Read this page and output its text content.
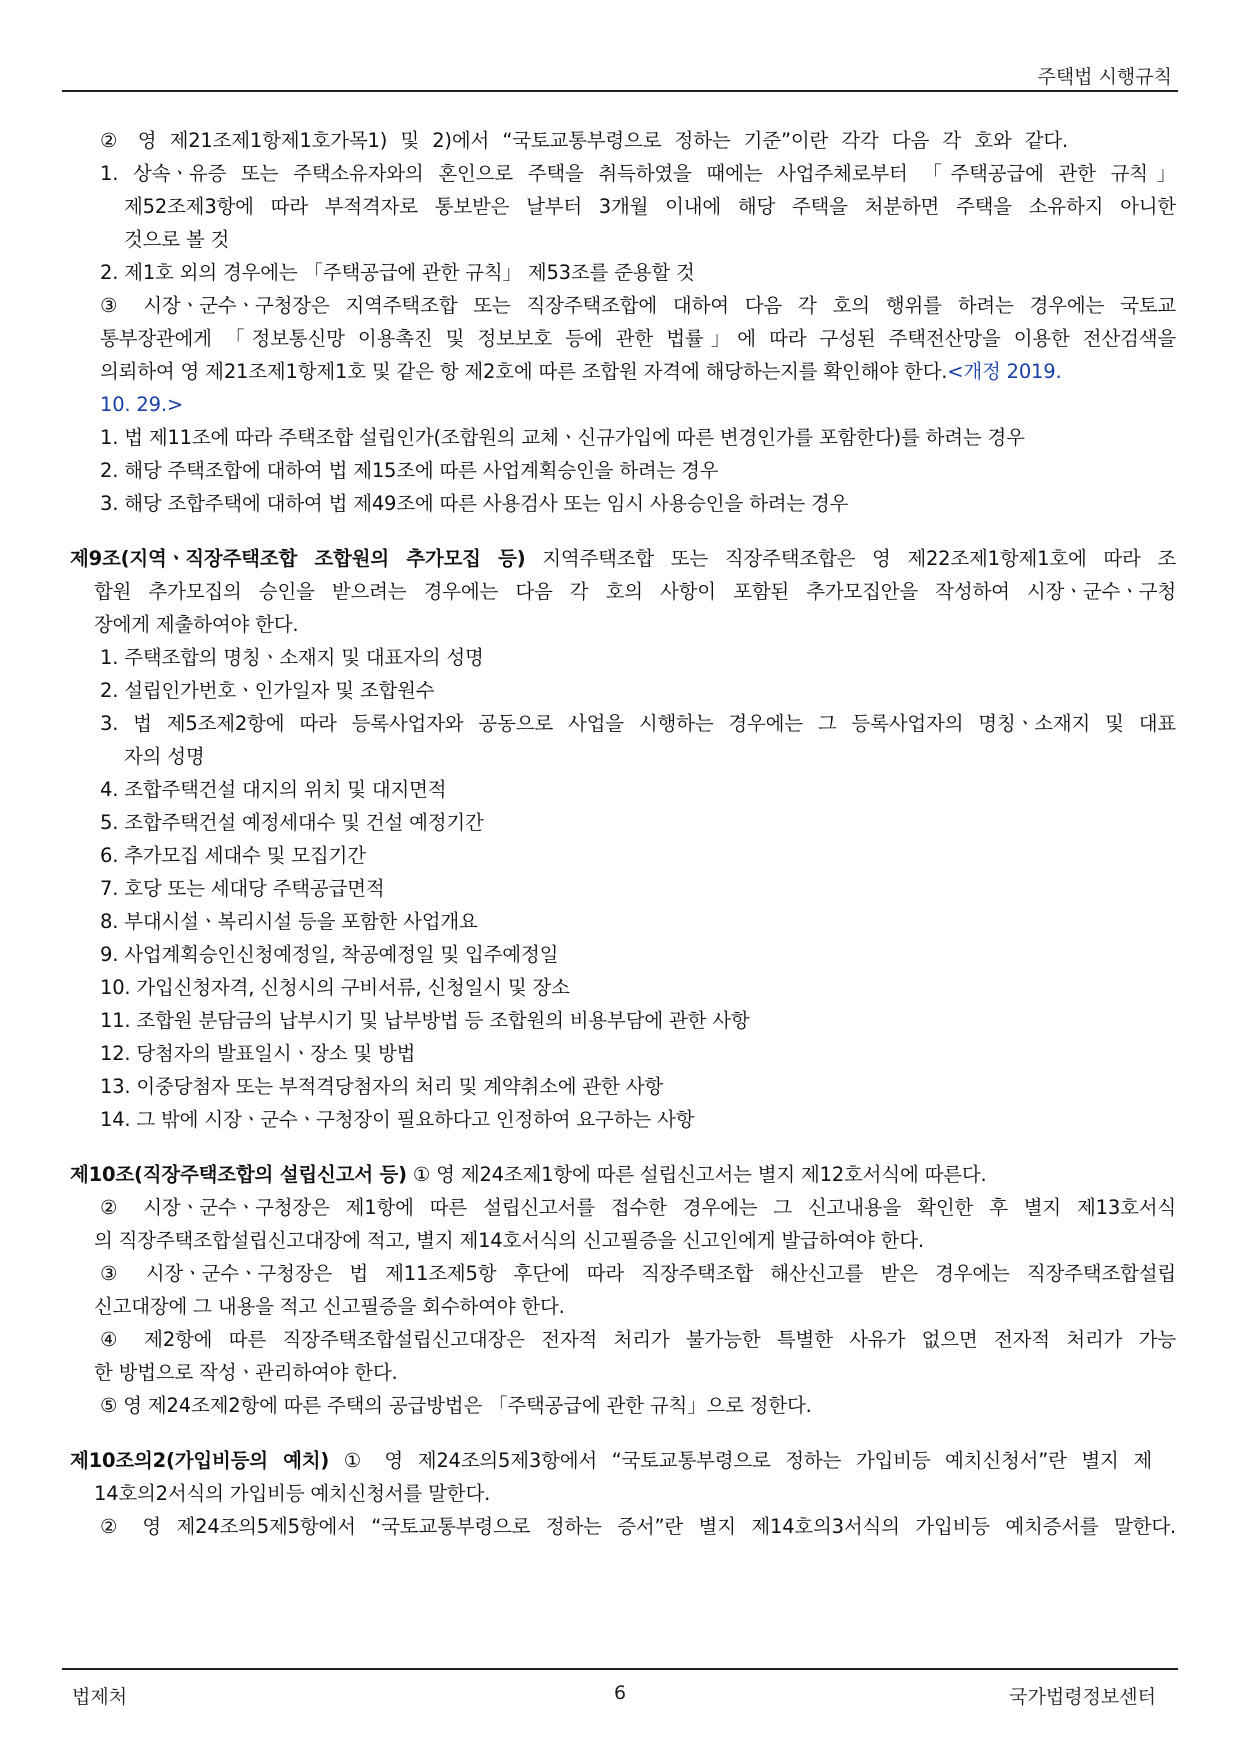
주택법 시행규칙
② 영 제21조제1항제1호가목1) 및 2)에서 “국토교통부령으로 정하는 기준”이란 각각 다음 각 호와 같다.
1. 상속ㆍ유증 또는 주택소유자와의 혼인으로 주택을 취득하였을 때에는 사업주체로부터 「주택공급에 관한 규칙」
제52조제3항에 따라 부적격자로 통보받은 날부터 3개월 이내에 해당 주택을 처분하면 주택을 소유하지 아니한
것으로 볼 것
2. 제1호 외의 경우에는 「주택공급에 관한 규칙」 제53조를 준용할 것
③ 시장ㆍ군수ㆍ구청장은 지역주택조합 또는 직장주택조합에 대하여 다음 각 호의 행위를 하려는 경우에는 국토교
통부장관에게 「정보통신망 이용촉진 및 정보보호 등에 관한 법률」에 따라 구성된 주택전산망을 이용한 전산검색을
의뢰하여 영 제21조제1항제1호 및 같은 항 제2호에 따른 조합원 자격에 해당하는지를 확인해야 한다.<개정 2019.
10. 29.>
1. 법 제11조에 따라 주택조합 설립인가(조합원의 교체ㆍ신규가입에 따른 변경인가를 포함한다)를 하려는 경우
2. 해당 주택조합에 대하여 법 제15조에 따른 사업계획승인을 하려는 경우
3. 해당 조합주택에 대하여 법 제49조에 따른 사용검사 또는 임시 사용승인을 하려는 경우
제9조(지역ㆍ직장주택조합 조합원의 추가모집 등) 지역주택조합 또는 직장주택조합은 영 제22조제1항제1호에 따라 조
합원 추가모집의 승인을 받으려는 경우에는 다음 각 호의 사항이 포함된 추가모집안을 작성하여 시장ㆍ군수ㆍ구청
장에게 제출하여야 한다.
1. 주택조합의 명칭ㆍ소재지 및 대표자의 성명
2. 설립인가번호ㆍ인가일자 및 조합원수
3. 법 제5조제2항에 따라 등록사업자와 공동으로 사업을 시행하는 경우에는 그 등록사업자의 명칭ㆍ소재지 및 대표
자의 성명
4. 조합주택건설 대지의 위치 및 대지면적
5. 조합주택건설 예정세대수 및 건설 예정기간
6. 추가모집 세대수 및 모집기간
7. 호당 또는 세대당 주택공급면적
8. 부대시설ㆍ복리시설 등을 포함한 사업개요
9. 사업계획승인신청예정일, 착공예정일 및 입주예정일
10. 가입신청자격, 신청시의 구비서류, 신청일시 및 장소
11. 조합원 분담금의 납부시기 및 납부방법 등 조합원의 비용부담에 관한 사항
12. 당첨자의 발표일시ㆍ장소 및 방법
13. 이중당첨자 또는 부적격당첨자의 처리 및 계약취소에 관한 사항
14. 그 밖에 시장ㆍ군수ㆍ구청장이 필요하다고 인정하여 요구하는 사항
제10조(직장주택조합의 설립신고서 등) ① 영 제24조제1항에 따른 설립신고서는 별지 제12호서식에 따른다.
② 시장ㆍ군수ㆍ구청장은 제1항에 따른 설립신고서를 접수한 경우에는 그 신고내용을 확인한 후 별지 제13호서식
의 직장주택조합설립신고대장에 적고, 별지 제14호서식의 신고필증을 신고인에게 발급하여야 한다.
③ 시장ㆍ군수ㆍ구청장은 법 제11조제5항 후단에 따라 직장주택조합 해산신고를 받은 경우에는 직장주택조합설립
신고대장에 그 내용을 적고 신고필증을 회수하여야 한다.
④ 제2항에 따른 직장주택조합설립신고대장은 전자적 처리가 불가능한 특별한 사유가 없으면 전자적 처리가 가능
한 방법으로 작성ㆍ관리하여야 한다.
⑤ 영 제24조제2항에 따른 주택의 공급방법은 「주택공급에 관한 규칙」으로 정한다.
제10조의2(가입비등의 예치) ① 영 제24조의5제3항에서 “국토교통부령으로 정하는 가입비등 예치신청서”란 별지 제
14호의2서식의 가입비등 예치신청서를 말한다.
② 영 제24조의5제5항에서 “국토교통부령으로 정하는 증서”란 별지 제14호의3서식의 가입비등 예치증서를 말한다.
법제처	6	국가법령정보센터
